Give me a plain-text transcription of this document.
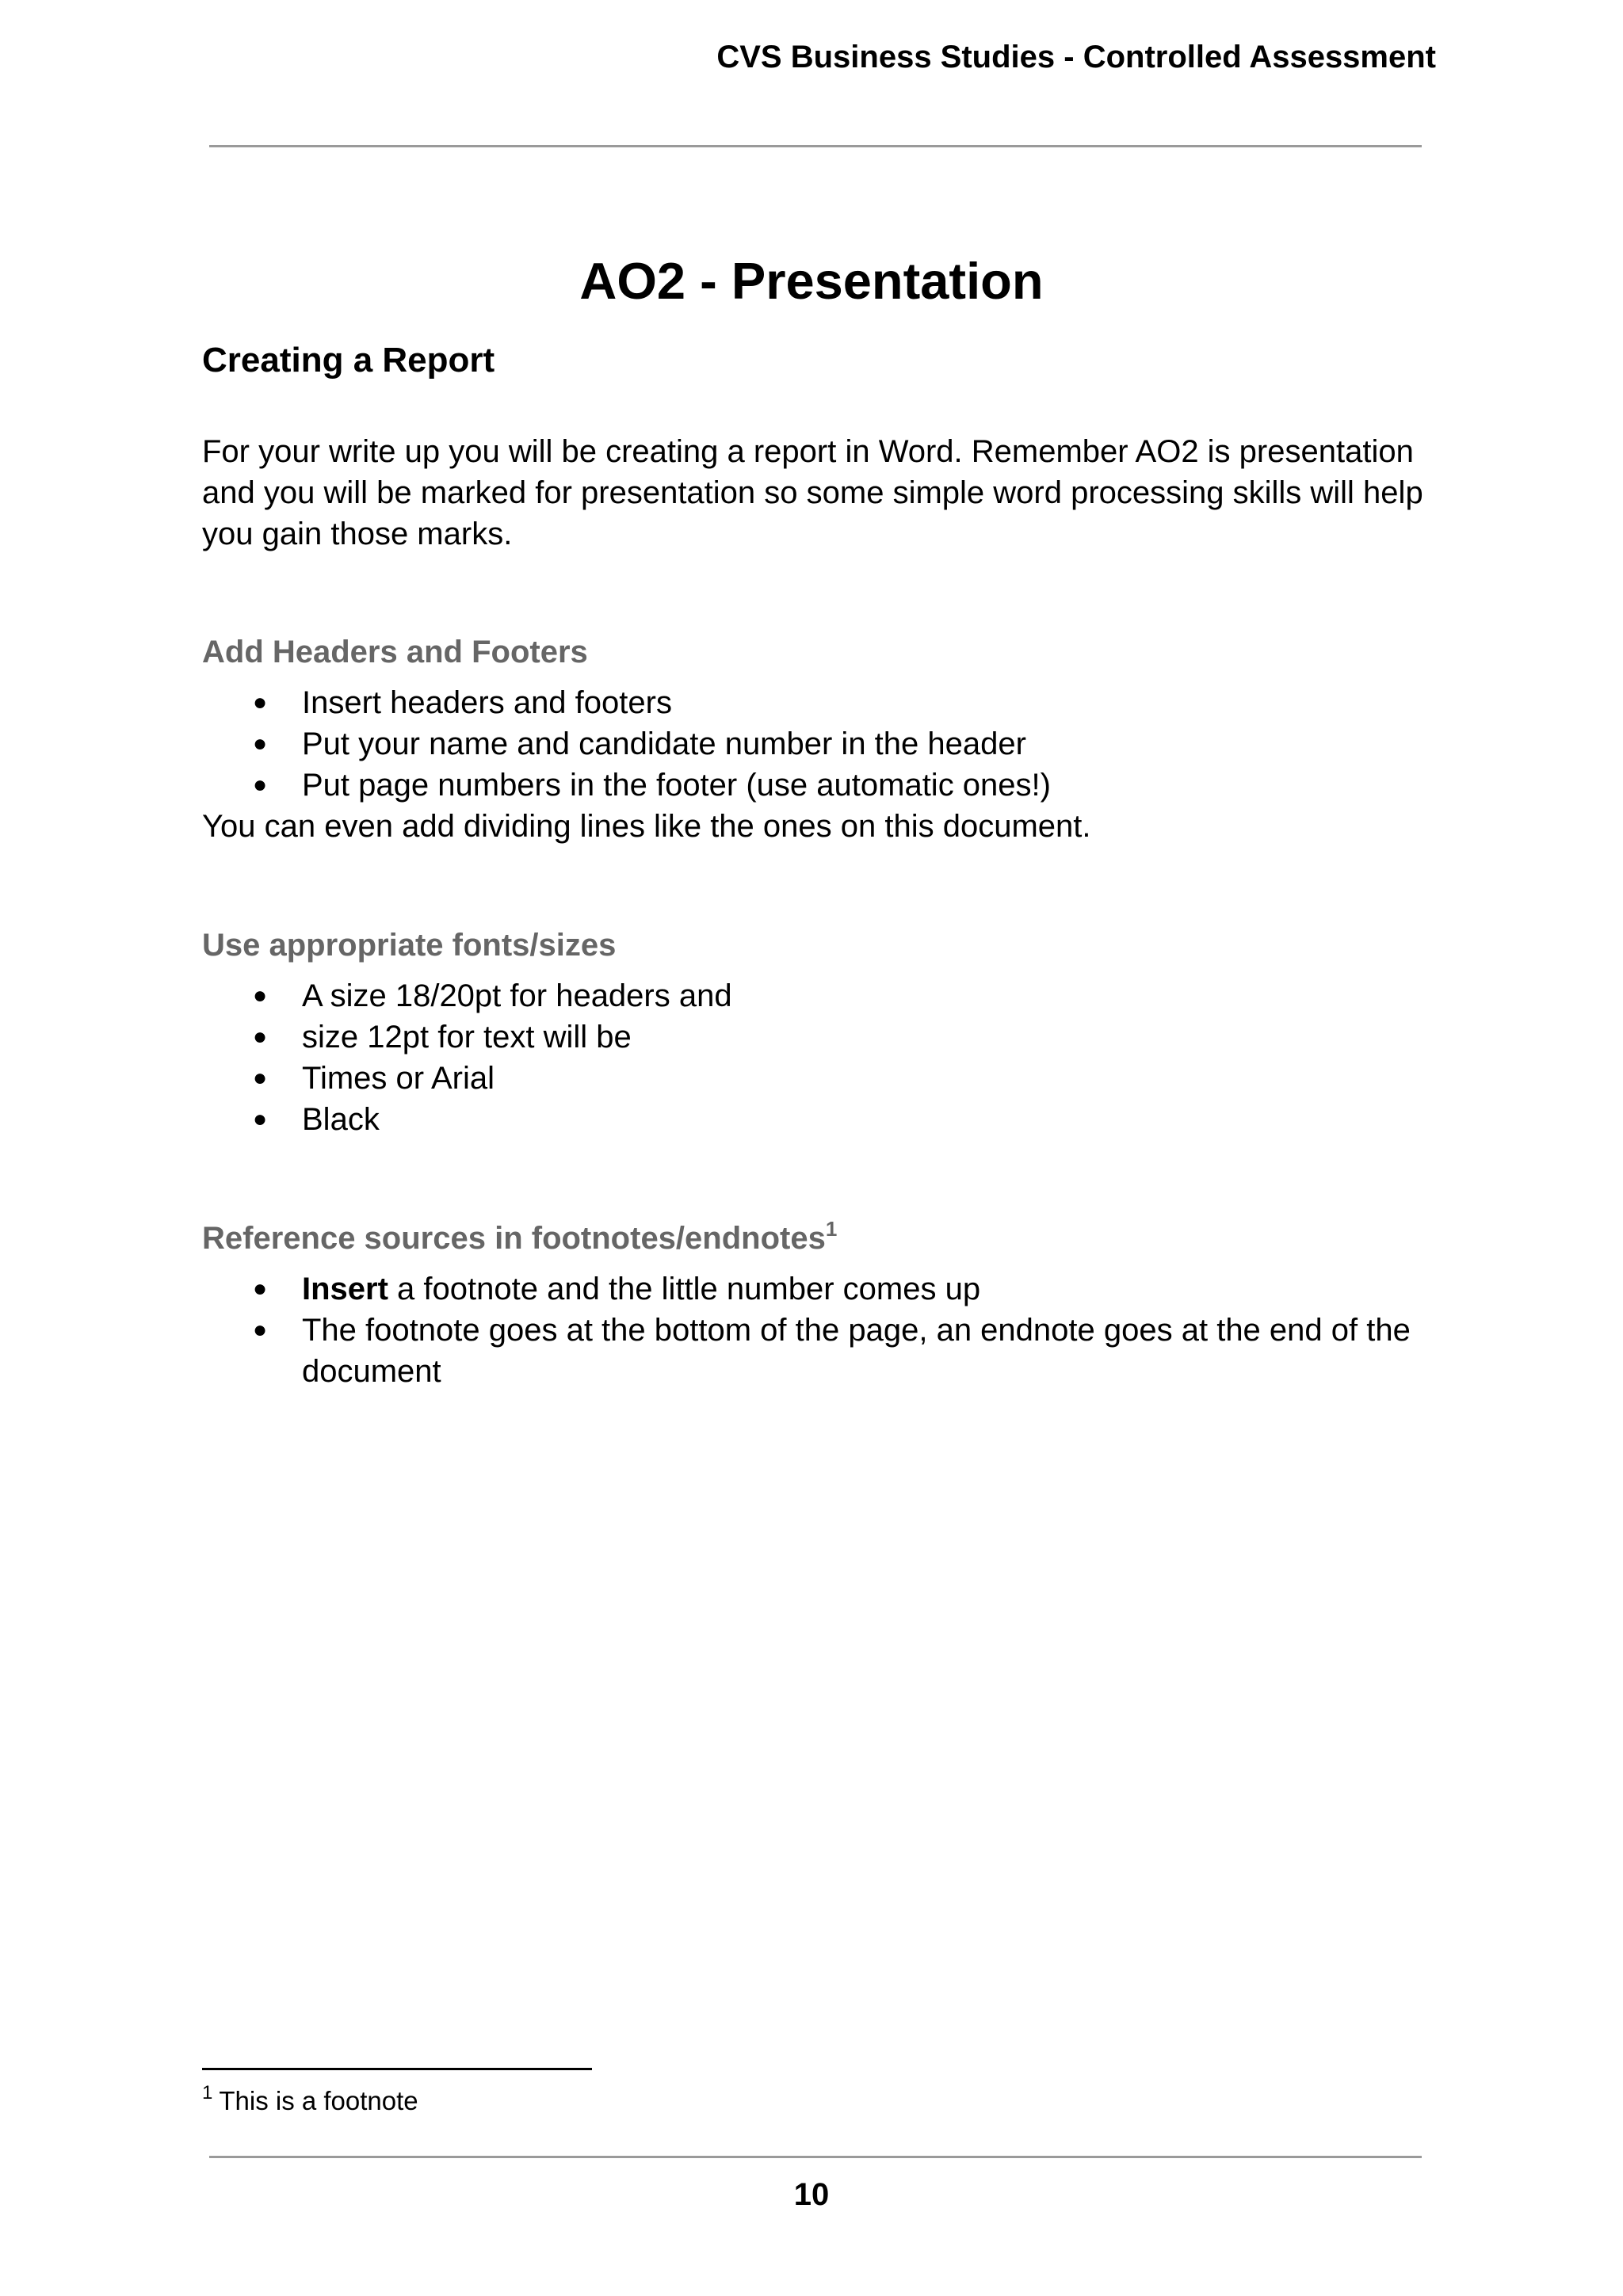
CVS Business Studies - Controlled Assessment
AO2 - Presentation
Creating a Report

For your write up you will be creating a report in Word. Remember AO2 is presentation and you will be marked for presentation so some simple word processing skills will help you gain those marks.

Add Headers and Footers
● Insert headers and footers
● Put your name and candidate number in the header
● Put page numbers in the footer (use automatic ones!)

You can even add dividing lines like the ones on this document.

Use appropriate fonts/sizes
● A size 18/20pt for headers and
● size 12pt for text will be
● Times or Arial
● Black
Reference sources in footnotes/endnotes$^1$
● Insert a footnote and the little number comes up
● The footnote goes at the bottom of the page, an endnote goes at the end of the document
$^1$ This is a footnote
10
